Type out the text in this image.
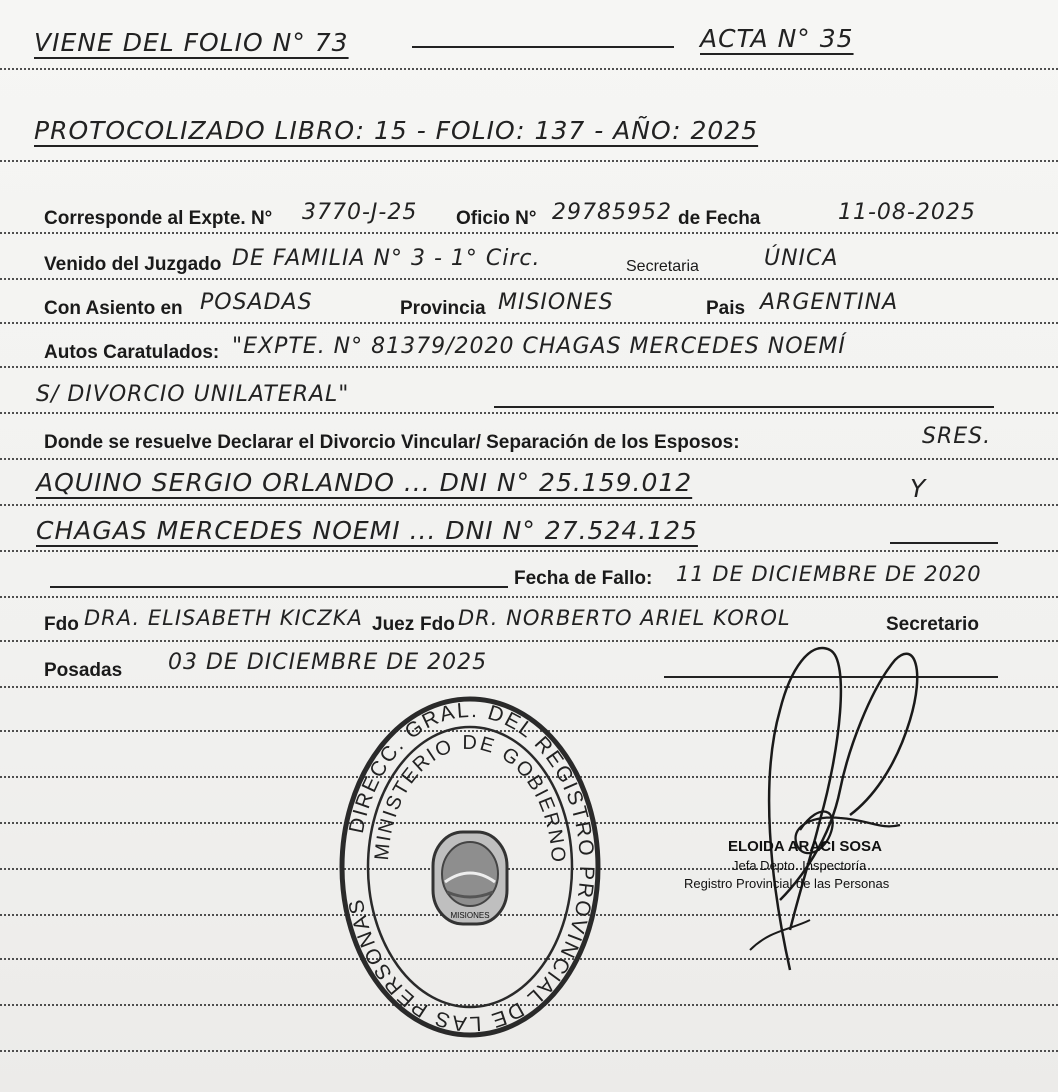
VIENE DEL FOLIO N° 73	ACTA N° 35
PROTOCOLIZADO LIBRO: 15 - FOLIO: 137 - AÑO: 2025
Corresponde al Expte. N° 3770-J-25 Oficio N° 29785952 de Fecha	11-08-2025
Venido del Juzgado DE FAMILIA N° 3 - 1° Circ.	Secretaria	ÚNICA
Con Asiento en POSADAS	Provincia MISIONES	Pais ARGENTINA
Autos Caratulados: "EXPTE. N° 81379/2020 CHAGAS MERCEDES NOEMÍ
S/ DIVORCIO UNILATERAL"
Donde se resuelve Declarar el Divorcio Vincular/ Separación de los Esposos:	SRES.
AQUINO SERGIO ORLANDO ... DNI N° 25.159.012	Y
CHAGAS MERCEDES NOEMI ... DNI N° 27.524.125
Fecha de Fallo: 11 DE DICIEMBRE DE 2020
Fdo DRA. ELISABETH KICZKA Juez Fdo DR. NORBERTO ARIEL KOROL	Secretario
Posadas 03 DE DICIEMBRE DE 2025
DIRECC. GRAL. DEL REGISTRO PROVINCIAL DE LAS PERSONAS
MINISTERIO DE GOBIERNO
MISIONES
ELOIDA ARACI SOSA
Jefa Depto. Inspectoría
Registro Provincial de las Personas
